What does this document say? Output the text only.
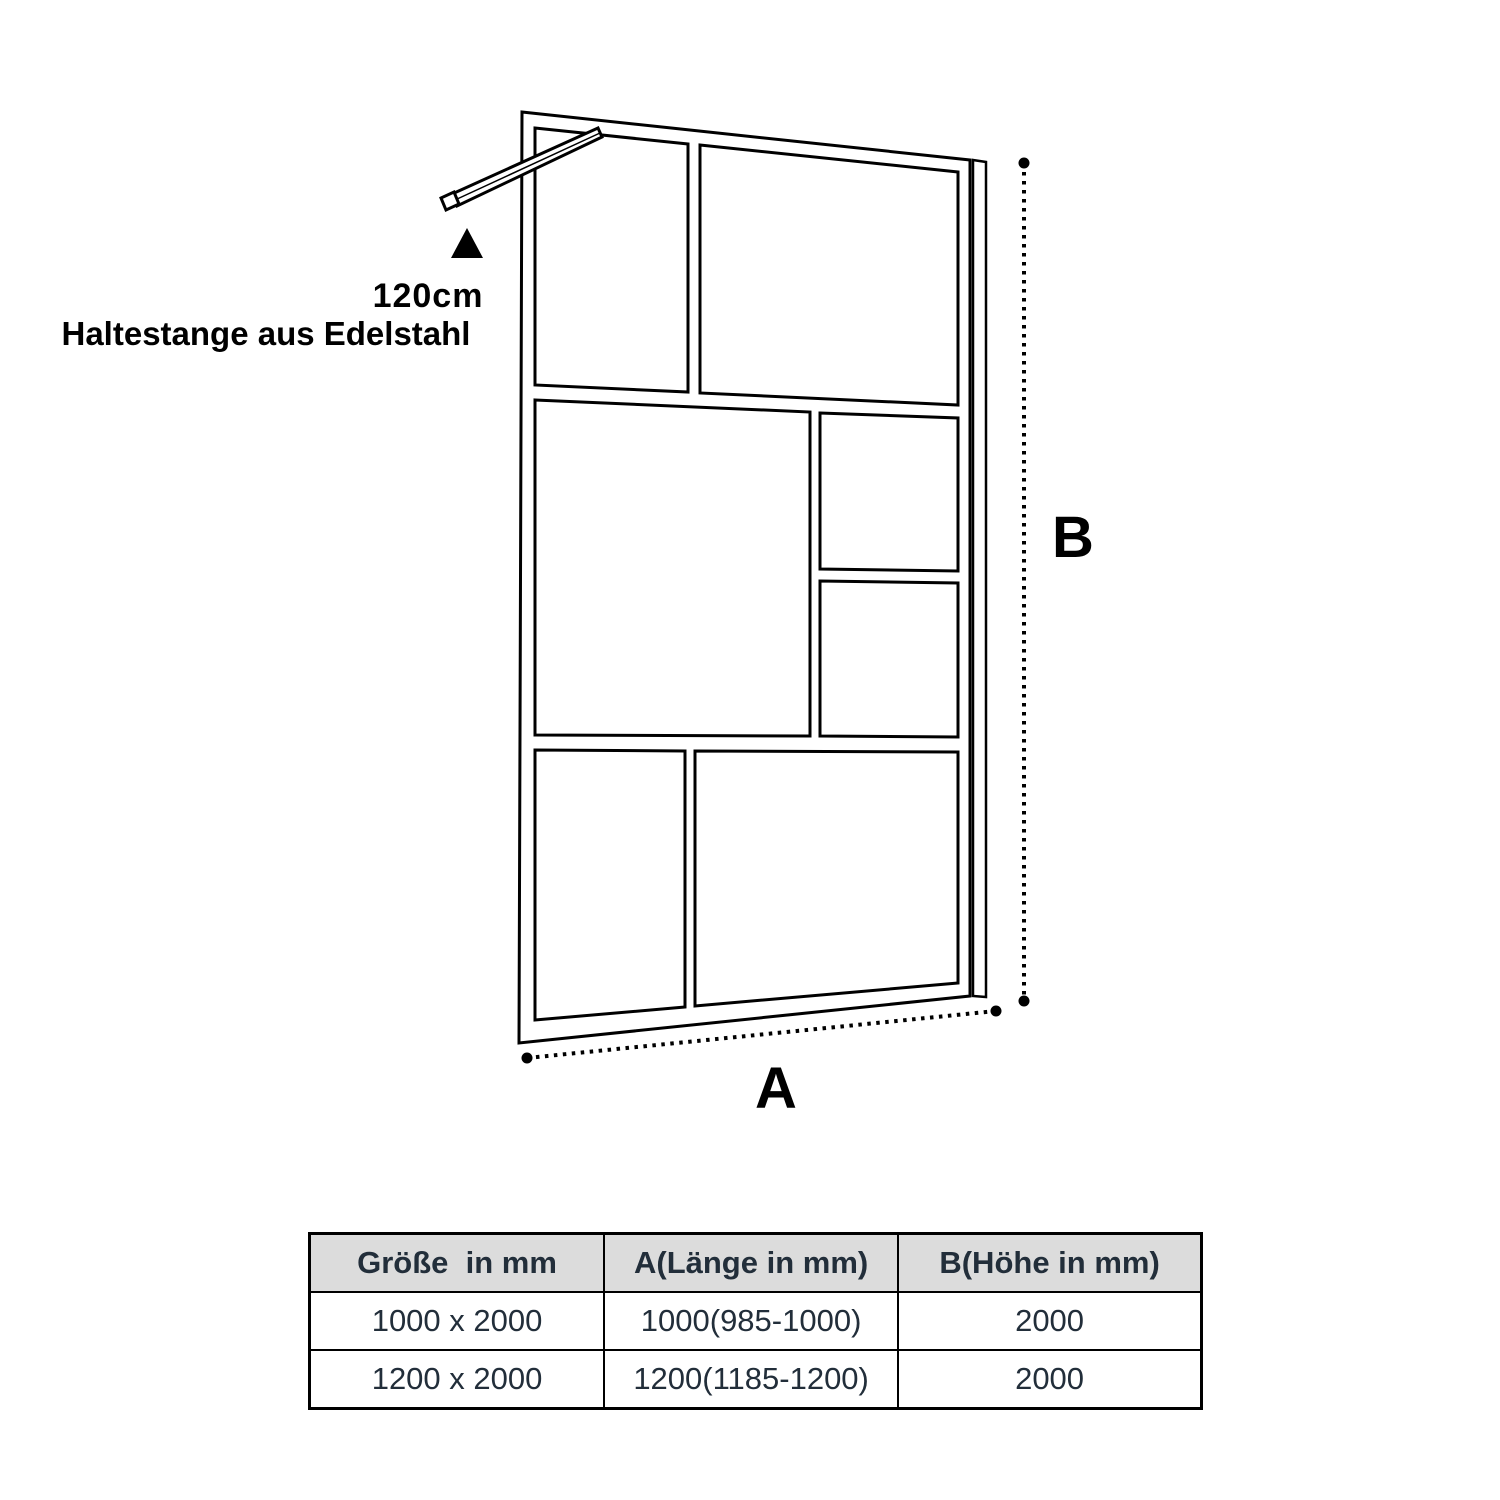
120cm
Haltestange aus Edelstahl
B
A
Größe  in mm	A(Länge in mm)	B(Höhe in mm)
1000 x 2000	1000(985-1000)	2000
1200 x 2000	1200(1185-1200)	2000
